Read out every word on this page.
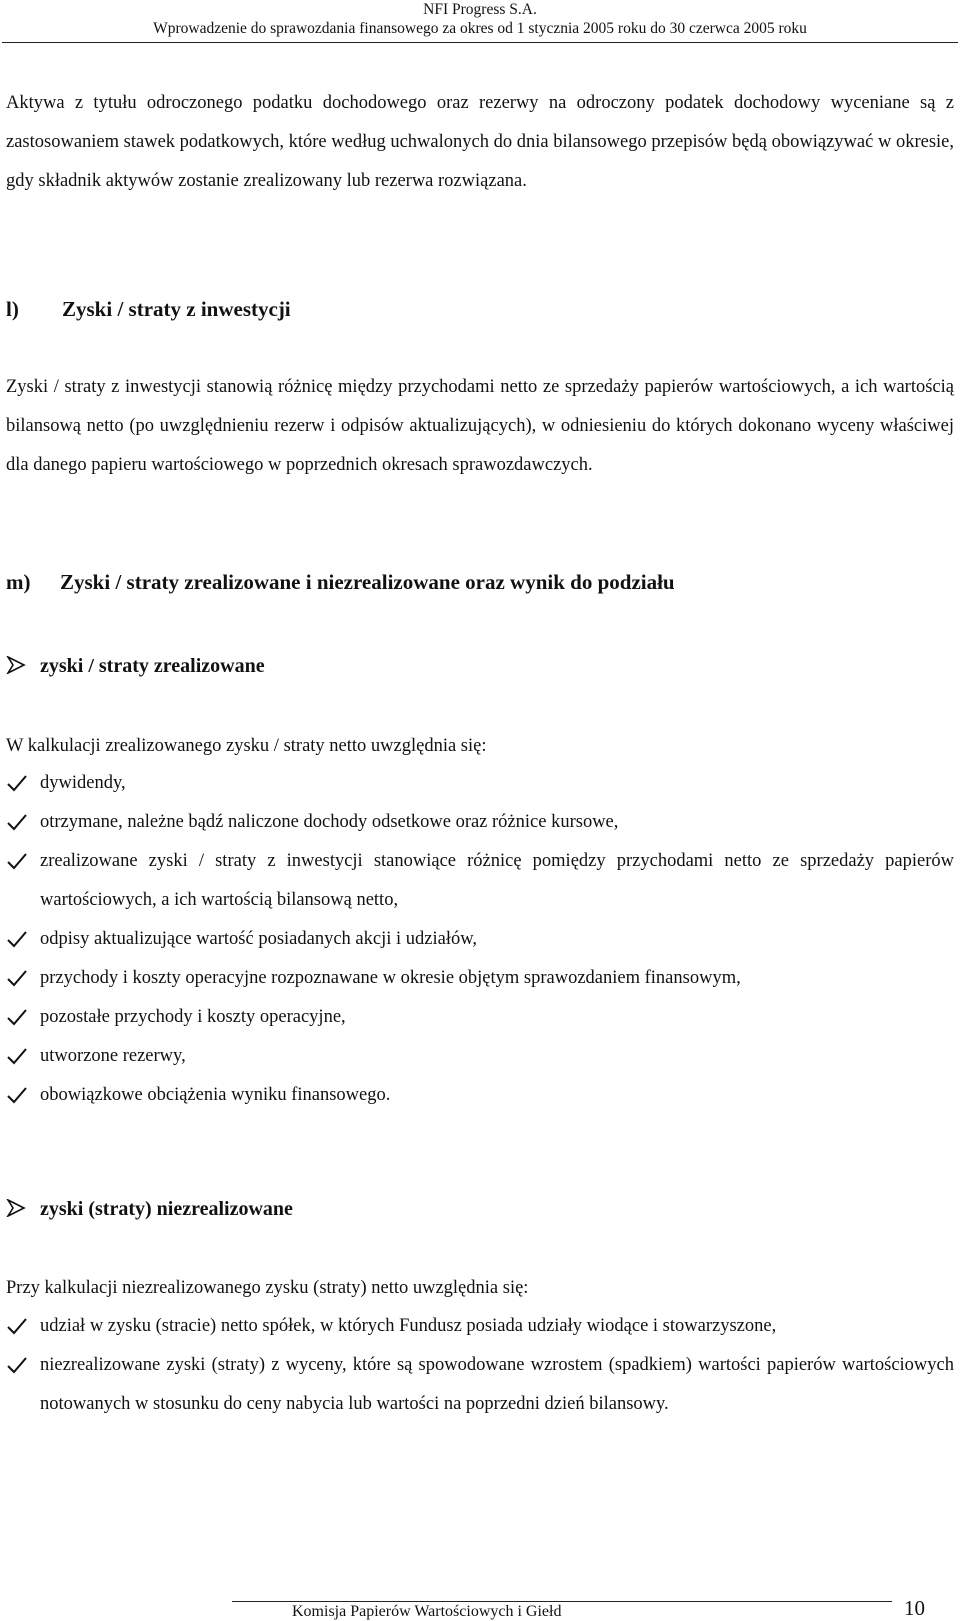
NFI Progress S.A.
Wprowadzenie do sprawozdania finansowego za okres od 1 stycznia 2005 roku do 30 czerwca 2005 roku

Aktywa z tytułu odroczonego podatku dochodowego oraz rezerwy na odroczony podatek dochodowy wyceniane są z zastosowaniem stawek podatkowych, które według uchwalonych do dnia bilansowego przepisów będą obowiązywać w okresie, gdy składnik aktywów zostanie zrealizowany lub rezerwa rozwiązana.

l) Zyski / straty z inwestycji

Zyski / straty z inwestycji stanowią różnicę między przychodami netto ze sprzedaży papierów wartościowych, a ich wartością bilansową netto (po uwzględnieniu rezerw i odpisów aktualizujących), w odniesieniu do których dokonano wyceny właściwej dla danego papieru wartościowego w poprzednich okresach sprawozdawczych.

m) Zyski / straty zrealizowane i niezrealizowane oraz wynik do podziału
zyski / straty zrealizowane

W kalkulacji zrealizowanego zysku / straty netto uwzględnia się:

dywidendy,
otrzymane, należne bądź naliczone dochody odsetkowe oraz różnice kursowe,
zrealizowane zyski / straty z inwestycji stanowiące różnicę pomiędzy przychodami netto ze sprzedaży papierów wartościowych, a ich wartością bilansową netto,
odpisy aktualizujące wartość posiadanych akcji i udziałów,
przychody i koszty operacyjne rozpoznawane w okresie objętym sprawozdaniem finansowym,
pozostałe przychody i koszty operacyjne,
utworzone rezerwy,
obowiązkowe obciążenia wyniku finansowego.
zyski (straty) niezrealizowane

Przy kalkulacji niezrealizowanego zysku (straty) netto uwzględnia się:

udział w zysku (stracie) netto spółek, w których Fundusz posiada udziały wiodące i stowarzyszone,
niezrealizowane zyski (straty) z wyceny, które są spowodowane wzrostem (spadkiem) wartości papierów wartościowych notowanych w stosunku do ceny nabycia lub wartości na poprzedni dzień bilansowy.
Komisja Papierów Wartościowych i Giełd	10
